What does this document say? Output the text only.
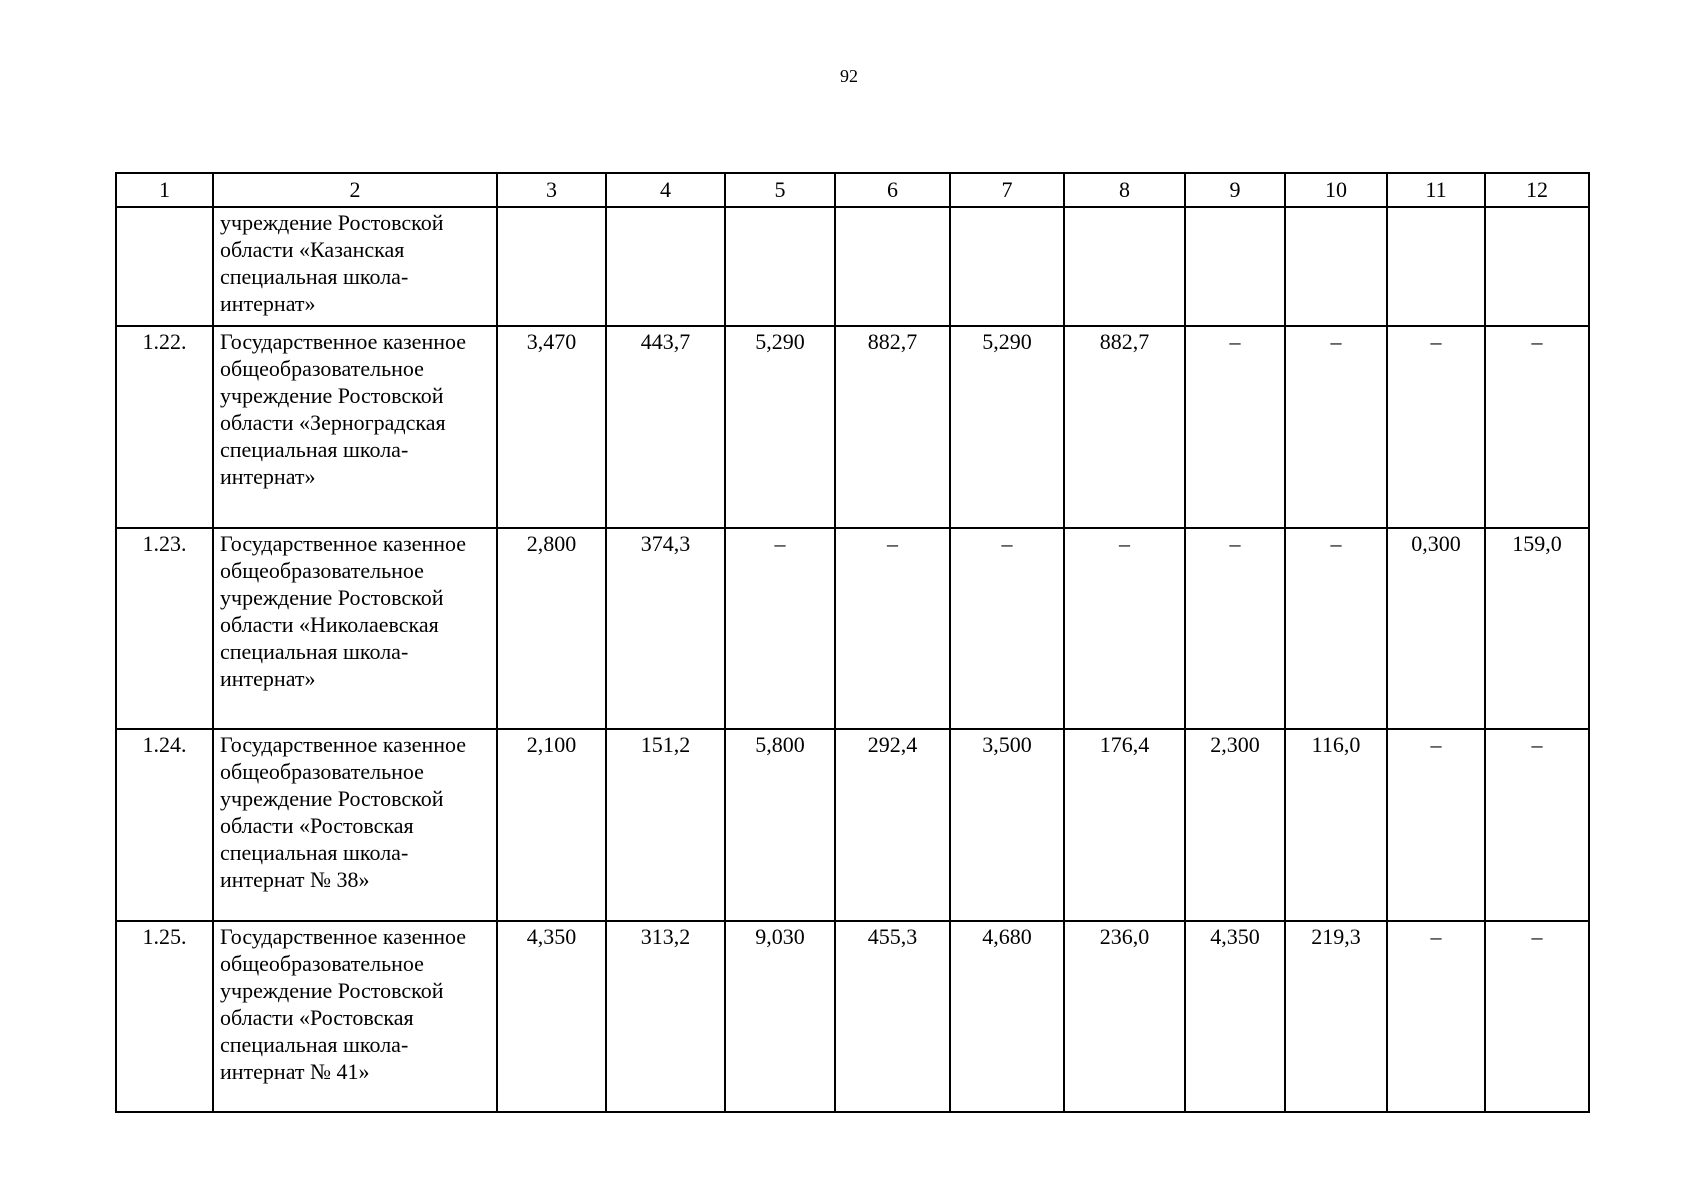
92
1	2	3	4	5	6	7	8	9	10	11	12
	учреждение Ростовской области «Казанская специальная школа-интернат»										
1.22.	Государственное казенное общеобразовательное учреждение Ростовской области «Зерноградская специальная школа-интернат»	3,470	443,7	5,290	882,7	5,290	882,7	–	–	–	–
1.23.	Государственное казенное общеобразовательное учреждение Ростовской области «Николаевская специальная школа-интернат»	2,800	374,3	–	–	–	–	–	–	0,300	159,0
1.24.	Государственное казенное общеобразовательное учреждение Ростовской области «Ростовская специальная школа-интернат № 38»	2,100	151,2	5,800	292,4	3,500	176,4	2,300	116,0	–	–
1.25.	Государственное казенное общеобразовательное учреждение Ростовской области «Ростовская специальная школа-интернат № 41»	4,350	313,2	9,030	455,3	4,680	236,0	4,350	219,3	–	–
